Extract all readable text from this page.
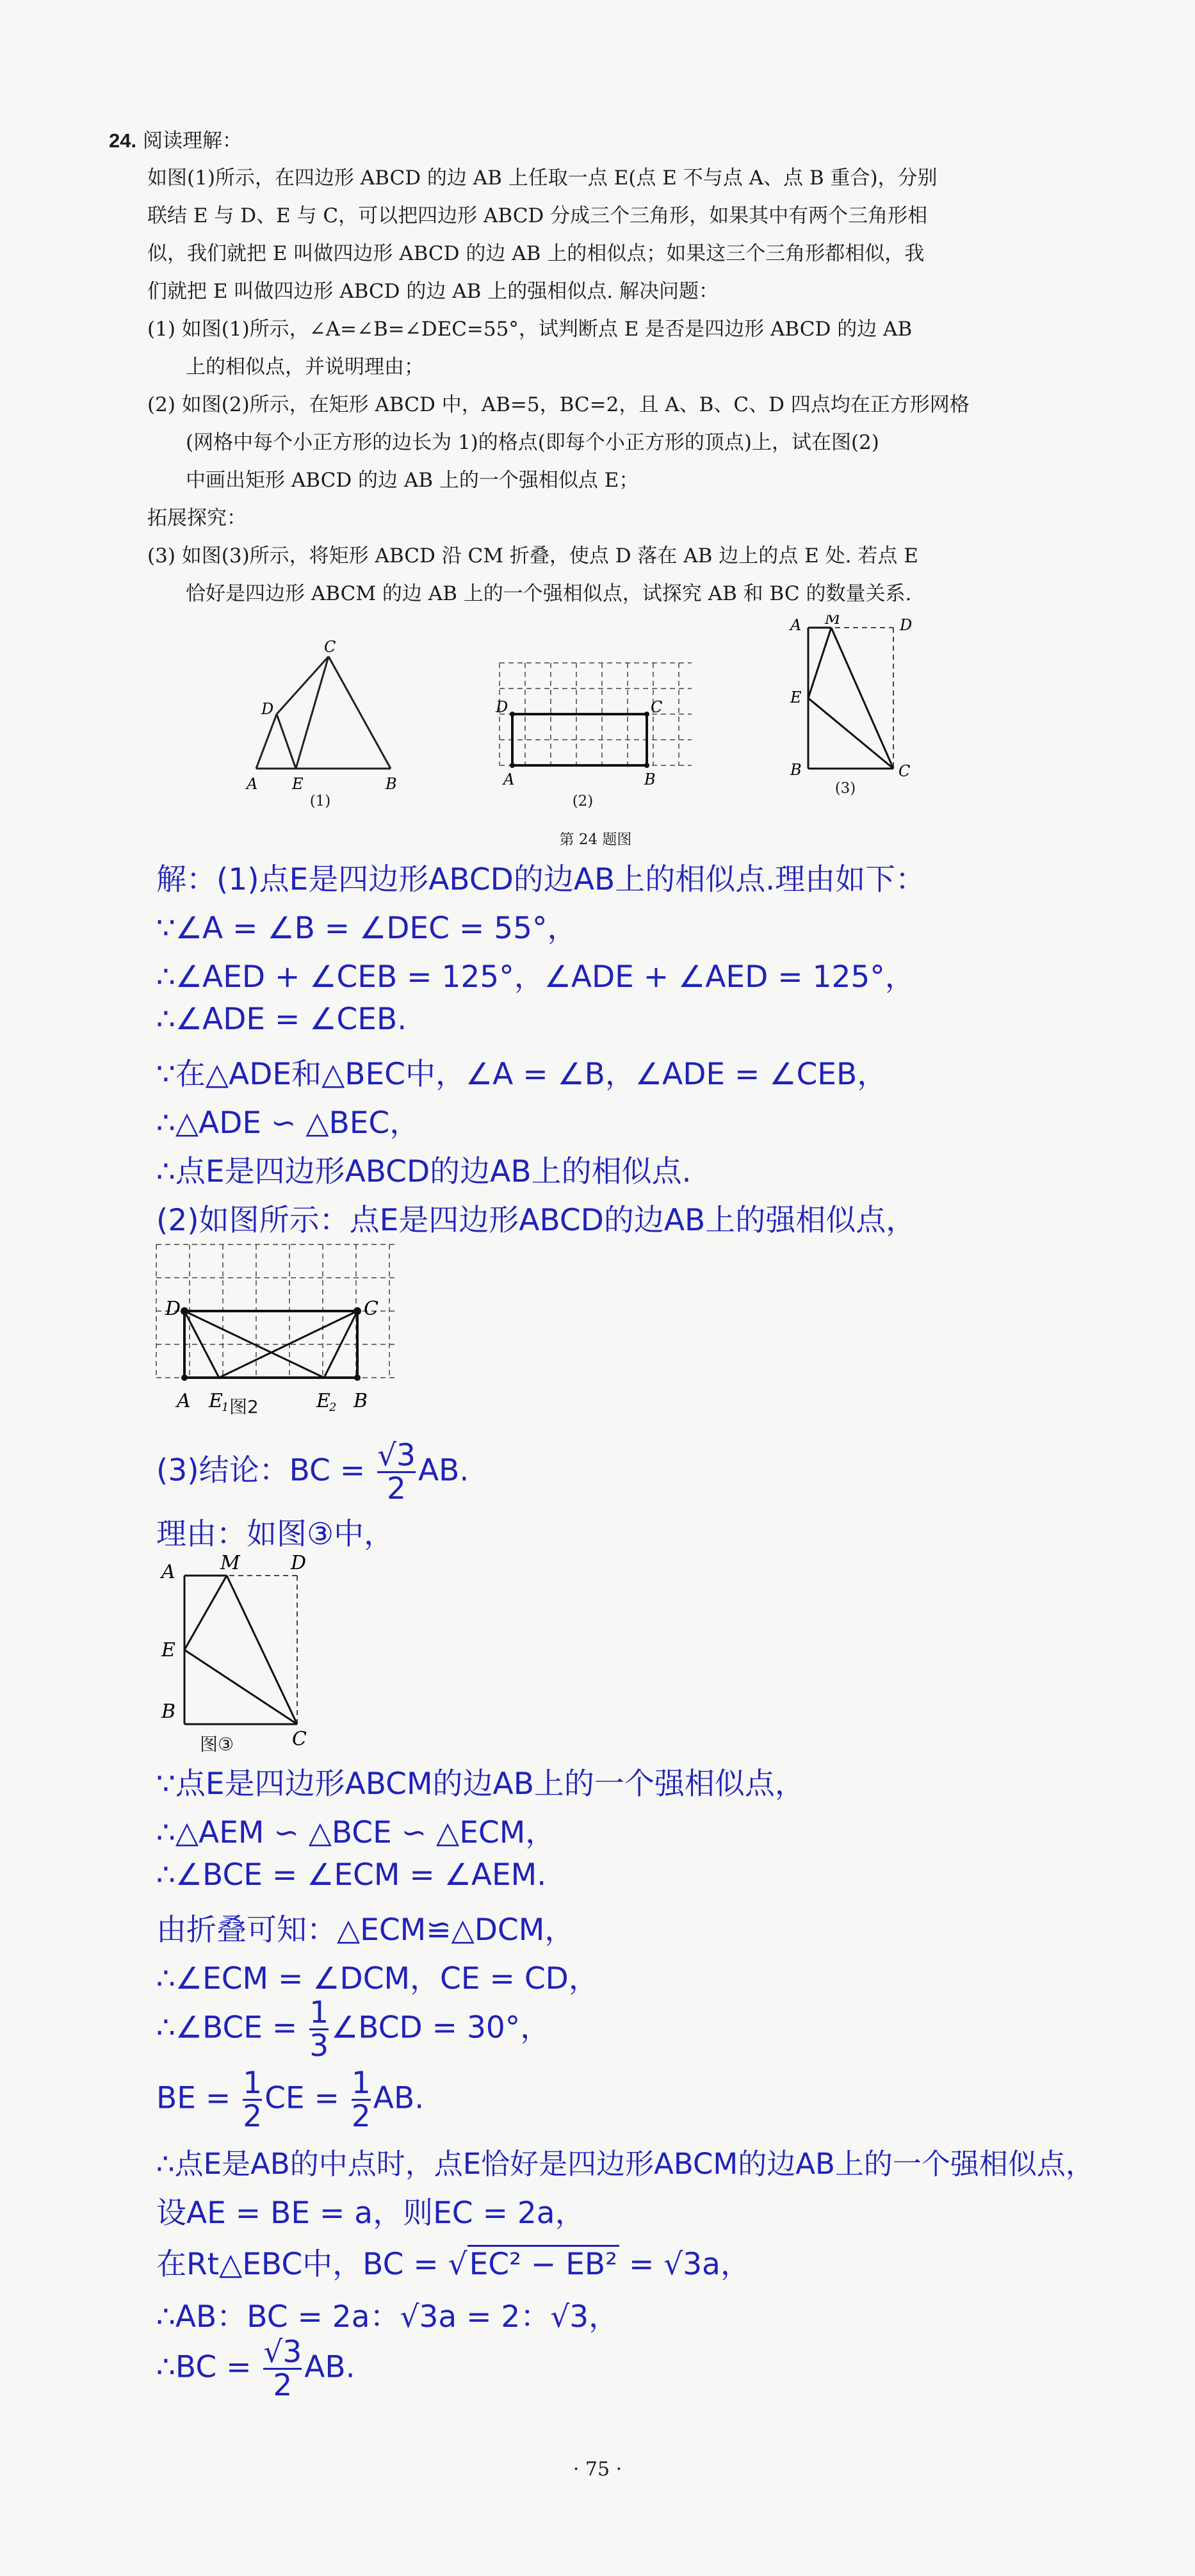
24. 阅读理解：
如图(1)所示，在四边形 ABCD 的边 AB 上任取一点 E(点 E 不与点 A、点 B 重合)，分别
联结 E 与 D、E 与 C，可以把四边形 ABCD 分成三个三角形，如果其中有两个三角形相
似，我们就把 E 叫做四边形 ABCD 的边 AB 上的相似点；如果这三个三角形都相似，我
们就把 E 叫做四边形 ABCD 的边 AB 上的强相似点. 解决问题：
(1) 如图(1)所示，∠A=∠B=∠DEC=55°，试判断点 E 是否是四边形 ABCD 的边 AB
上的相似点，并说明理由；
(2) 如图(2)所示，在矩形 ABCD 中，AB=5，BC=2，且 A、B、C、D 四点均在正方形网格
(网格中每个小正方形的边长为 1)的格点(即每个小正方形的顶点)上，试在图(2)
中画出矩形 ABCD 的边 AB 上的一个强相似点 E；
拓展探究：
(3) 如图(3)所示，将矩形 ABCD 沿 CM 折叠，使点 D 落在 AB 边上的点 E 处. 若点 E
恰好是四边形 ABCM 的边 AB 上的一个强相似点，试探究 AB 和 BC 的数量关系.
C
D
A E	B
(1)
D	C
A	B
(2)
A M	D
E
B	C
(3)
第 24 题图
解：(1)点E是四边形ABCD的边AB上的相似点.理由如下：
∵∠A = ∠B = ∠DEC = 55°，
∴∠AED + ∠CEB = 125°，∠ADE + ∠AED = 125°，
∴∠ADE = ∠CEB.
∵在△ADE和△BEC中，∠A = ∠B，∠ADE = ∠CEB，
∴△ADE ∽ △BEC，
∴点E是四边形ABCD的边AB上的相似点.
(2)如图所示：点E是四边形ABCD的边AB上的强相似点，
D	C
A E
1	E
2 B
图2
(3)结论：BC = $\frac{√3}{2}$ AB.
理由：如图③中，
A M	D
E
B
C
图③
∵点E是四边形ABCM的边AB上的一个强相似点，
∴△AEM ∽ △BCE ∽ △ECM，
∴∠BCE = ∠ECM = ∠AEM.
由折叠可知：△ECM≌△DCM，
∴∠ECM = ∠DCM，CE = CD，
∴∠BCE = $\frac{1}{3}$ ∠BCD = 30°，
BE = $\frac{1}{2}$ CE = $\frac{1}{2}$ AB.
∴点E是AB的中点时，点E恰好是四边形ABCM的边AB上的一个强相似点，
设AE = BE = a，则EC = 2a，
在Rt△EBC中，BC = √EC² − EB² = √3a，
∴AB：BC = 2a：√3a = 2：√3，
∴BC = $\frac{√3}{2}$ AB.
· 75 ·
